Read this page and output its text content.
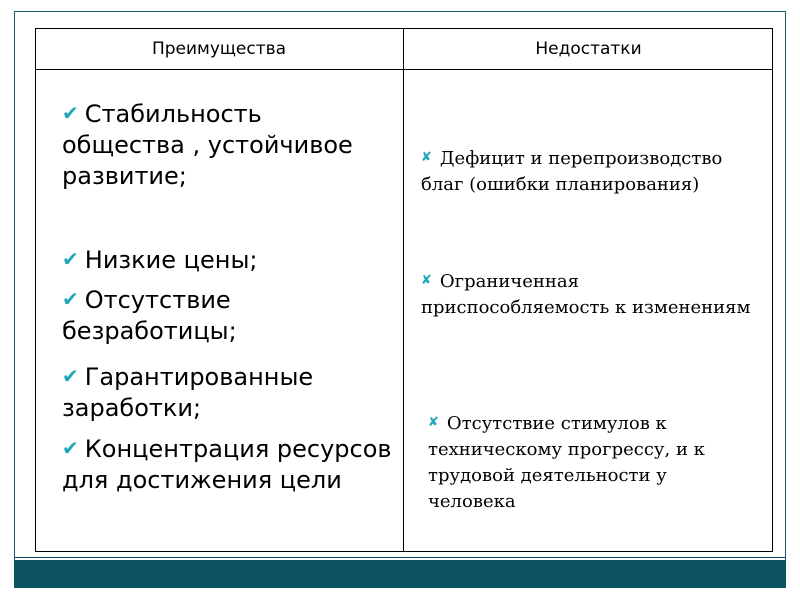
Преимущества	Недостатки
✔ Стабильность общества , устойчивое развитие;
✔ Низкие цены;
✔ Отсутствие безработицы;
✔ Гарантированные заработки;
✔ Концентрация ресурсов для достижения цели
✘ Дефицит и перепроизводство благ (ошибки планирования)
✘ Ограниченная приспособляемость к изменениям
✘ Отсутствие стимулов к техническому прогрессу, и к трудовой деятельности у человека
